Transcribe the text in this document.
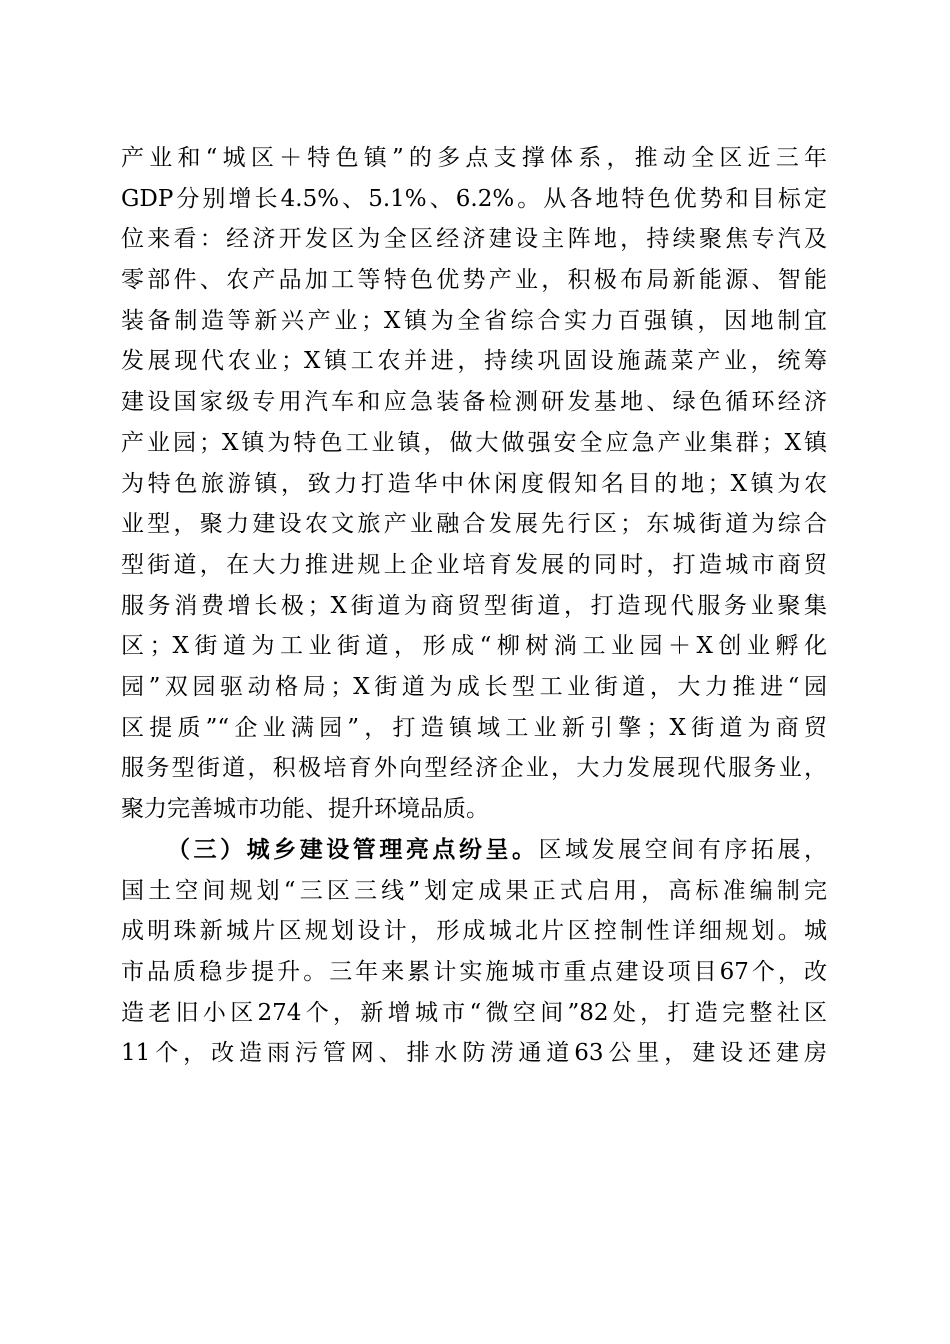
产业和“城区＋特色镇”的多点支撑体系，推动全区近三年
GDP分别增长4.5%、5.1%、6.2%。从各地特色优势和目标定
位来看：经济开发区为全区经济建设主阵地，持续聚焦专汽及
零部件、农产品加工等特色优势产业，积极布局新能源、智能
装备制造等新兴产业；X镇为全省综合实力百强镇，因地制宜
发展现代农业；X镇工农并进，持续巩固设施蔬菜产业，统筹
建设国家级专用汽车和应急装备检测研发基地、绿色循环经济
产业园；X镇为特色工业镇，做大做强安全应急产业集群；X镇
为特色旅游镇，致力打造华中休闲度假知名目的地；X镇为农
业型，聚力建设农文旅产业融合发展先行区；东城街道为综合
型街道，在大力推进规上企业培育发展的同时，打造城市商贸
服务消费增长极；X街道为商贸型街道，打造现代服务业聚集
区；X街道为工业街道，形成“柳树淌工业园＋X创业孵化
园”双园驱动格局；X街道为成长型工业街道，大力推进“园
区提质”“企业满园”，打造镇域工业新引擎；X街道为商贸
服务型街道，积极培育外向型经济企业，大力发展现代服务业，
聚力完善城市功能、提升环境品质。
（三）城乡建设管理亮点纷呈。区域发展空间有序拓展，
国土空间规划“三区三线”划定成果正式启用，高标准编制完
成明珠新城片区规划设计，形成城北片区控制性详细规划。城
市品质稳步提升。三年来累计实施城市重点建设项目67个，改
造老旧小区274个，新增城市“微空间”82处，打造完整社区
11个，改造雨污管网、排水防涝通道63公里，建设还建房
